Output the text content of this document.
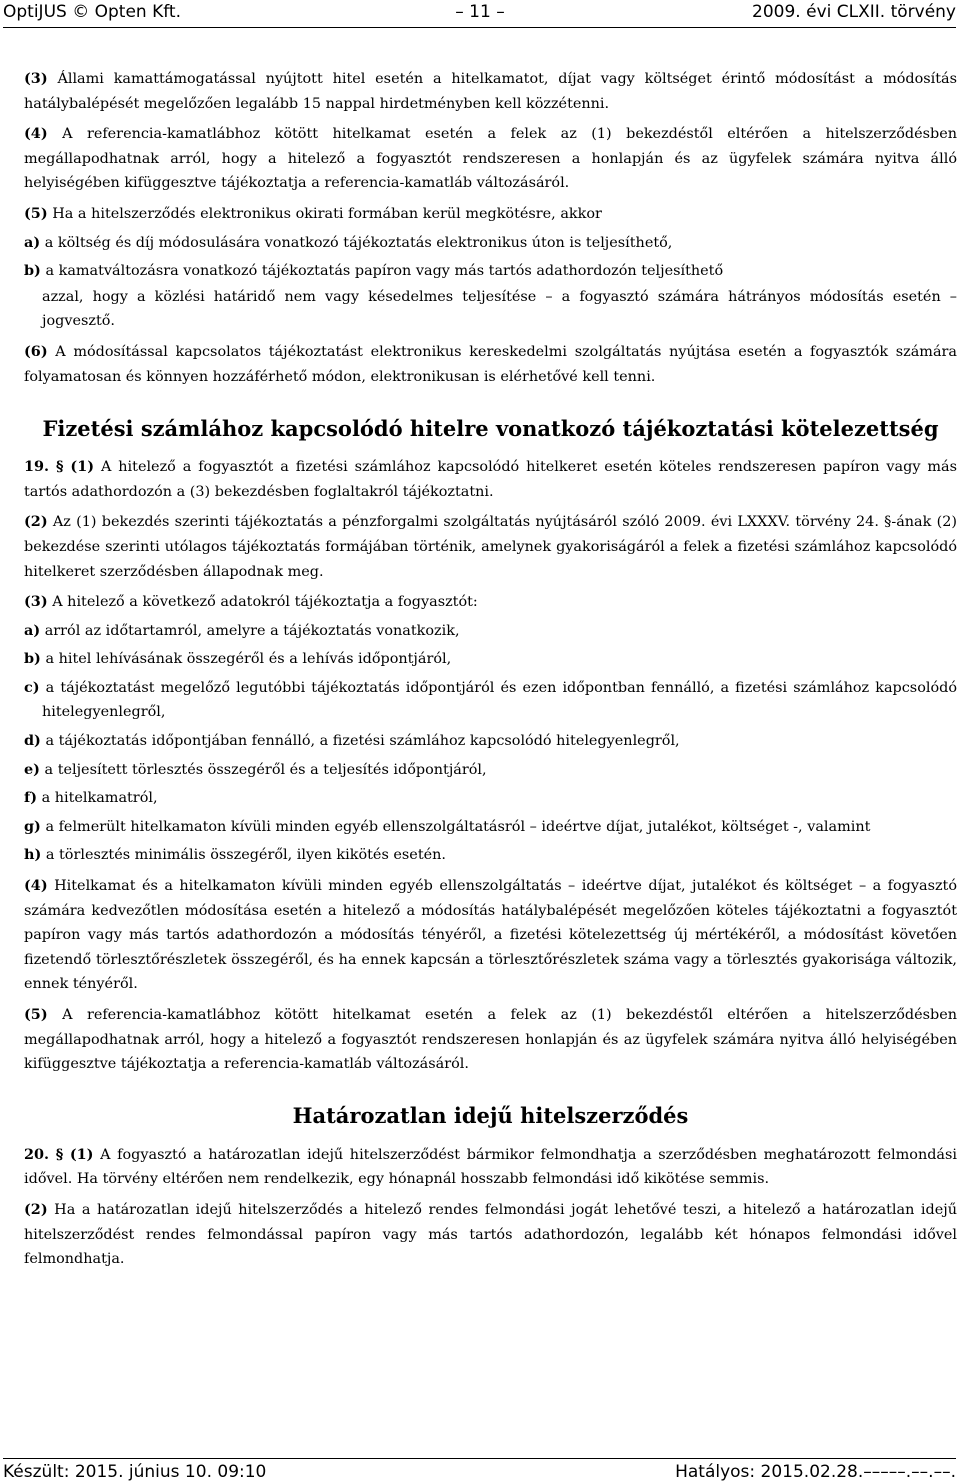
OptiJUS © Opten Kft.	– 11 –	2009. évi CLXII. törvény

(3) Állami kamattámogatással nyújtott hitel esetén a hitelkamatot, díjat vagy költséget érintő módosítást a módosítás hatálybalépését megelőzően legalább 15 nappal hirdetményben kell közzétenni.

(4) A referencia-kamatlábhoz kötött hitelkamat esetén a felek az (1) bekezdéstől eltérően a hitelszerződésben megállapodhatnak arról, hogy a hitelező a fogyasztót rendszeresen a honlapján és az ügyfelek számára nyitva álló helyiségében kifüggesztve tájékoztatja a referencia-kamatláb változásáról.

(5) Ha a hitelszerződés elektronikus okirati formában kerül megkötésre, akkor

a) a költség és díj módosulására vonatkozó tájékoztatás elektronikus úton is teljesíthető,

b) a kamatváltozásra vonatkozó tájékoztatás papíron vagy más tartós adathordozón teljesíthető

azzal, hogy a közlési határidő nem vagy késedelmes teljesítése – a fogyasztó számára hátrányos módosítás esetén – jogvesztő.

(6) A módosítással kapcsolatos tájékoztatást elektronikus kereskedelmi szolgáltatás nyújtása esetén a fogyasztók számára folyamatosan és könnyen hozzáférhető módon, elektronikusan is elérhetővé kell tenni.

Fizetési számlához kapcsolódó hitelre vonatkozó tájékoztatási kötelezettség

19. § (1) A hitelező a fogyasztót a fizetési számlához kapcsolódó hitelkeret esetén köteles rendszeresen papíron vagy más tartós adathordozón a (3) bekezdésben foglaltakról tájékoztatni.

(2) Az (1) bekezdés szerinti tájékoztatás a pénzforgalmi szolgáltatás nyújtásáról szóló 2009. évi LXXXV. törvény 24. §-ának (2) bekezdése szerinti utólagos tájékoztatás formájában történik, amelynek gyakoriságáról a felek a fizetési számlához kapcsolódó hitelkeret szerződésben állapodnak meg.

(3) A hitelező a következő adatokról tájékoztatja a fogyasztót:

a) arról az időtartamról, amelyre a tájékoztatás vonatkozik,

b) a hitel lehívásának összegéről és a lehívás időpontjáról,

c) a tájékoztatást megelőző legutóbbi tájékoztatás időpontjáról és ezen időpontban fennálló, a fizetési számlához kapcsolódó hitelegyenlegről,

d) a tájékoztatás időpontjában fennálló, a fizetési számlához kapcsolódó hitelegyenlegről,

e) a teljesített törlesztés összegéről és a teljesítés időpontjáról,

f) a hitelkamatról,

g) a felmerült hitelkamaton kívüli minden egyéb ellenszolgáltatásról – ideértve díjat, jutalékot, költséget -, valamint

h) a törlesztés minimális összegéről, ilyen kikötés esetén.

(4) Hitelkamat és a hitelkamaton kívüli minden egyéb ellenszolgáltatás – ideértve díjat, jutalékot és költséget – a fogyasztó számára kedvezőtlen módosítása esetén a hitelező a módosítás hatálybalépését megelőzően köteles tájékoztatni a fogyasztót papíron vagy más tartós adathordozón a módosítás tényéről, a fizetési kötelezettség új mértékéről, a módosítást követően fizetendő törlesztőrészletek összegéről, és ha ennek kapcsán a törlesztőrészletek száma vagy a törlesztés gyakorisága változik, ennek tényéről.

(5) A referencia-kamatlábhoz kötött hitelkamat esetén a felek az (1) bekezdéstől eltérően a hitelszerződésben megállapodhatnak arról, hogy a hitelező a fogyasztót rendszeresen honlapján és az ügyfelek számára nyitva álló helyiségében kifüggesztve tájékoztatja a referencia-kamatláb változásáról.

Határozatlan idejű hitelszerződés

20. § (1) A fogyasztó a határozatlan idejű hitelszerződést bármikor felmondhatja a szerződésben meghatározott felmondási idővel. Ha törvény eltérően nem rendelkezik, egy hónapnál hosszabb felmondási idő kikötése semmis.

(2) Ha a határozatlan idejű hitelszerződés a hitelező rendes felmondási jogát lehetővé teszi, a hitelező a határozatlan idejű hitelszerződést rendes felmondással papíron vagy más tartós adathordozón, legalább két hónapos felmondási idővel felmondhatja.

Készült: 2015. június 10. 09:10	Hatályos: 2015.02.28.–––––.––.––.
